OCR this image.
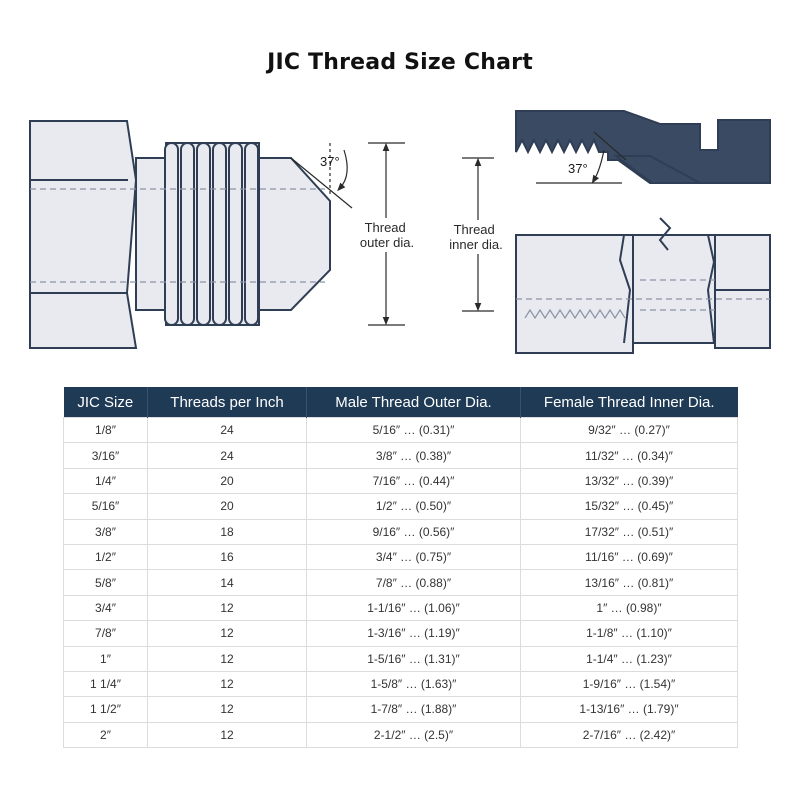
JIC Thread Size Chart
37°
Thread outer dia.
37°
Thread inner dia.
JIC Size	Threads per Inch	Male Thread Outer Dia.	Female Thread Inner Dia.
1/8″	24	5/16″ … (0.31)″	9/32″ … (0.27)″
3/16″	24	3/8″ … (0.38)″	11/32″ … (0.34)″
1/4″	20	7/16″ … (0.44)″	13/32″ … (0.39)″
5/16″	20	1/2″ … (0.50)″	15/32″ … (0.45)″
3/8″	18	9/16″ … (0.56)″	17/32″ … (0.51)″
1/2″	16	3/4″ … (0.75)″	11/16″ … (0.69)″
5/8″	14	7/8″ … (0.88)″	13/16″ … (0.81)″
3/4″	12	1-1/16″ … (1.06)″	1″ … (0.98)″
7/8″	12	1-3/16″ … (1.19)″	1-1/8″ … (1.10)″
1″	12	1-5/16″ … (1.31)″	1-1/4″ … (1.23)″
1 1/4″	12	1-5/8″ … (1.63)″	1-9/16″ … (1.54)″
1 1/2″	12	1-7/8″ … (1.88)″	1-13/16″ … (1.79)″
2″	12	2-1/2″ … (2.5)″	2-7/16″ … (2.42)″
